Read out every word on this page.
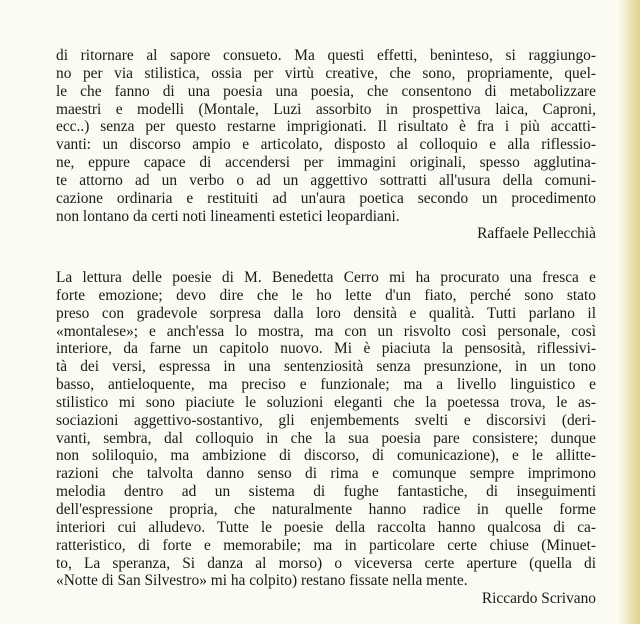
di ritornare al sapore consueto. Ma questi effetti, beninteso, si raggiungo-
no per via stilistica, ossia per virtù creative, che sono, propriamente, quel-
le che fanno di una poesia una poesia, che consentono di metabolizzare
maestri e modelli (Montale, Luzi assorbito in prospettiva laica, Caproni,
ecc..) senza per questo restarne imprigionati. Il risultato è fra i più accatti-
vanti: un discorso ampio e articolato, disposto al colloquio e alla riflessio-
ne, eppure capace di accendersi per immagini originali, spesso agglutina-
te attorno ad un verbo o ad un aggettivo sottratti all'usura della comuni-
cazione ordinaria e restituiti ad un'aura poetica secondo un procedimento
non lontano da certi noti lineamenti estetici leopardiani.
Raffaele Pellecchià
La lettura delle poesie di M. Benedetta Cerro mi ha procurato una fresca e
forte emozione; devo dire che le ho lette d'un fiato, perché sono stato
preso con gradevole sorpresa dalla loro densità e qualità. Tutti parlano il
«montalese»; e anch'essa lo mostra, ma con un risvolto così personale, così
interiore, da farne un capitolo nuovo. Mi è piaciuta la pensosità, riflessivi-
tà dei versi, espressa in una sentenziosità senza presunzione, in un tono
basso, antieloquente, ma preciso e funzionale; ma a livello linguistico e
stilistico mi sono piaciute le soluzioni eleganti che la poetessa trova, le as-
sociazioni aggettivo-sostantivo, gli enjembements svelti e discorsivi (deri-
vanti, sembra, dal colloquio in che la sua poesia pare consistere; dunque
non soliloquio, ma ambizione di discorso, di comunicazione), e le allitte-
razioni che talvolta danno senso di rima e comunque sempre imprimono
melodia dentro ad un sistema di fughe fantastiche, di inseguimenti
dell'espressione propria, che naturalmente hanno radice in quelle forme
interiori cui alludevo. Tutte le poesie della raccolta hanno qualcosa di ca-
ratteristico, di forte e memorabile; ma in particolare certe chiuse (Minuet-
to, La speranza, Si danza al morso) o viceversa certe aperture (quella di
«Notte di San Silvestro» mi ha colpito) restano fissate nella mente.
Riccardo Scrivano
